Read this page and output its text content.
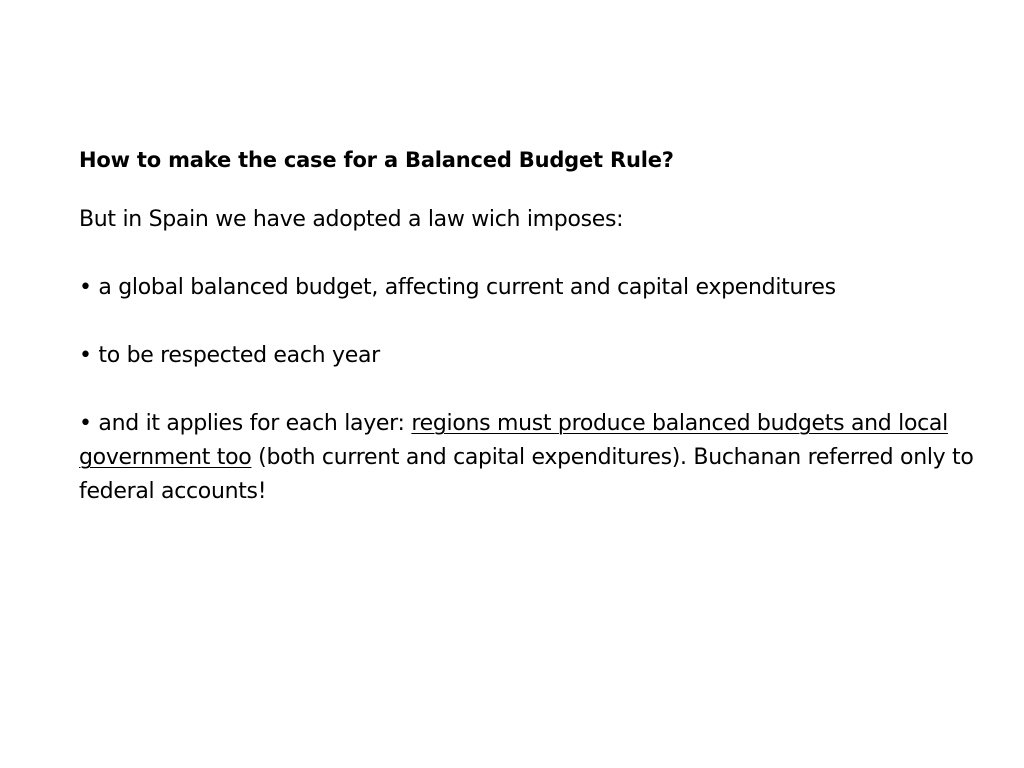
How to make the case for a Balanced Budget Rule?

But in Spain we have adopted a law wich imposes:

• a global balanced budget, affecting current and capital expenditures

• to be respected each year

• and it applies for each layer: regions must produce balanced budgets and local government too (both current and capital expenditures). Buchanan referred only to federal accounts!
